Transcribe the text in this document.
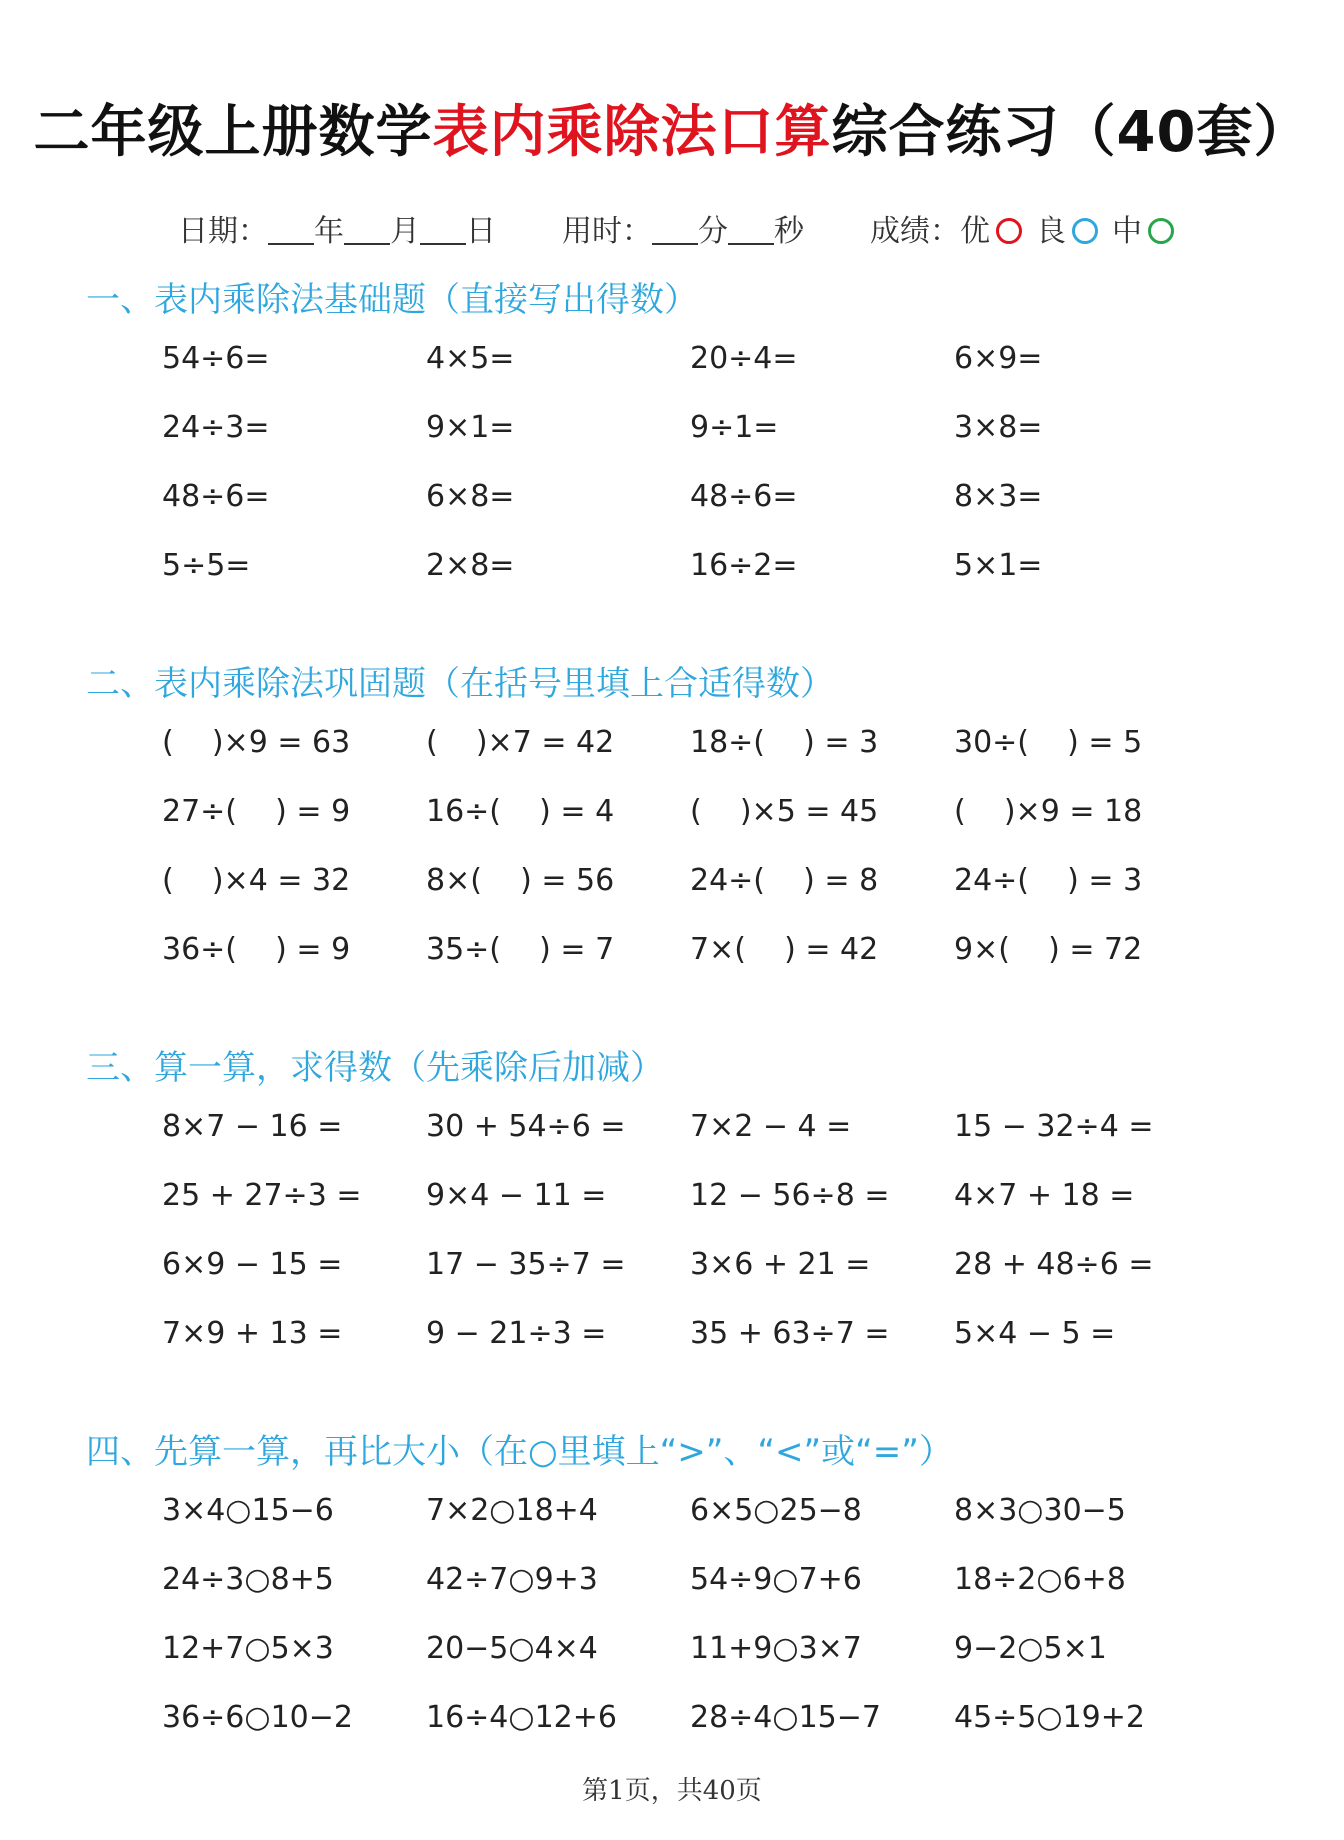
二年级上册数学表内乘除法口算综合练习（40套）
日期： 年 月 日 用时： 分 秒 成绩：优 良 中
一、表内乘除法基础题（直接写出得数）
54÷6=	4×5=	20÷4=	6×9=
24÷3=	9×1=	9÷1=	3×8=
48÷6=	6×8=	48÷6=	8×3=
5÷5=	2×8=	16÷2=	5×1=
二、表内乘除法巩固题（在括号里填上合适得数）
(    )×9 = 63	(    )×7 = 42	18÷(    ) = 3	30÷(    ) = 5
27÷(    ) = 9	16÷(    ) = 4	(    )×5 = 45	(    )×9 = 18
(    )×4 = 32	8×(    ) = 56	24÷(    ) = 8	24÷(    ) = 3
36÷(    ) = 9	35÷(    ) = 7	7×(    ) = 42	9×(    ) = 72
三、算一算，求得数（先乘除后加减）
8×7 − 16 =	30 + 54÷6 =	7×2 − 4 =	15 − 32÷4 =
25 + 27÷3 =	9×4 − 11 =	12 − 56÷8 =	4×7 + 18 =
6×9 − 15 =	17 − 35÷7 =	3×6 + 21 =	28 + 48÷6 =
7×9 + 13 =	9 − 21÷3 =	35 + 63÷7 =	5×4 − 5 =
四、先算一算，再比大小（在○里填上“>”、“<”或“=”）
3×4○15−6	7×2○18+4	6×5○25−8	8×3○30−5
24÷3○8+5	42÷7○9+3	54÷9○7+6	18÷2○6+8
12+7○5×3	20−5○4×4	11+9○3×7	9−2○5×1
36÷6○10−2	16÷4○12+6	28÷4○15−7	45÷5○19+2
第1页，共40页
